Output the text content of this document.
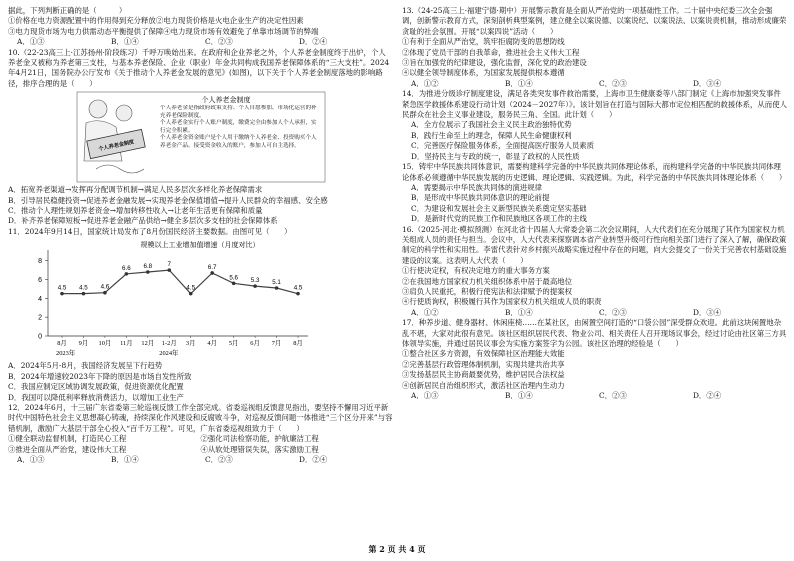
据此，下列判断正确的是（　　　）

①价格在电力资源配置中的作用得到充分释放②电力现货价格是火电企业生产的决定性因素

③电力现货市场为电力供需动态平衡提供了保障④电力现货市场有效避免了单靠市场调节的弊端

A．①③	B．①④	C．②③	D．②④

10.（22-23高三上·江苏扬州·阶段练习）千呼万唤始出来。在政府和企业养老之外，个人养老金制度终于出炉，个人养老金又被称为养老第三支柱，与基本养老保险、企业（职业）年金共同构成我国养老保障体系的“三大支柱”。2024年4月21日，国务院办公厅发布《关于推动个人养老金发展的意见》(如图)，以下关于个人养老金制度落地的影响路径，排序合理的是（　　）

个人养老金制度
个人养老金制度
个人养老金是指政府政策支持、个人自愿参加、市场化运营的补充养老保险制度。
个人养老金实行个人账户制度，缴费完全由参加人个人承担，实行完全积累。
个人养老金资金账户是个人用于缴纳个人养老金、投资购买个人养老金产品、接受资金收入的账户，参加人可自主选择。

A．拓宽养老渠道→发挥再分配调节机制→满足人民多层次多样化养老保障需求

B．引导居民稳健投资→促进养老金融发展→实现养老金保值增值→提升人民群众的幸福感、安全感

C．推动个人理性规划养老资金→增加转移性收入→让老年生活更有保障和质量

D．补齐养老保障短板→促进养老金融产品供给→健全多层次多支柱的社会保障体系

11．2024年9月14日，国家统计局发布了8月份国民经济主要数据。由图可见（　　）

规模以上工业增加值增速（月度对比）
0
2
4
6
8
4.5
8月
4.5
9月
4.6
10月
6.6
11月
6.8
12月
7
1-2月
4.5
3月
6.7
4月
5.6
5月
5.3
6月
5.1
7月
4.5
8月
2023年	2024年

A．2024年5月-8月，我国经济发展呈下行趋势

B．2024年增速较2023年下降的原因是市场自发性所致

C．我国应制定区域协调发展政策，促进资源优化配置

D．我国可以降低利率释放消费活力，以增加工业生产

12．2024年6月，十三届广东省委第三轮巡视反馈工作全部完成。省委巡视组反馈意见指出，要坚持不懈用习近平新时代中国特色社会主义思想凝心铸魂，持续深化作风建设和反腐败斗争，对巡视反馈问题一体推进“三个区分开来”与容错机制，激励广大基层干部全心投入“百千万工程”。可见，广东省委巡视组致力于（　　）

①健全联动监督机制，打造民心工程	②强化司法检察功能，护航廉洁工程
③推进全面从严治党，建设伟大工程	④从软处理错误失误，落实激励工程
A．①③	B．①④	C．②③	D．②④

13.（24-25高三上·福建宁德·期中）开展警示教育是全面从严治党的一项基础性工作。二十届中央纪委三次全会强调，创新警示教育方式，深刻剖析典型案例，建立健全以案说德、以案说纪、以案说法、以案说责机制，推动形成廉荣贪耻的社会氛围。开展“以案四说”活动（　　）

①有利于全面从严治党，筑牢拒腐防变的思想防线

②体现了党员干部的自我革命，推进社会主义伟大工程

③旨在加强党的纪律建设，强化监督，深化党的政治建设

④以健全领导制度体系，为国家发展提供根本遵循

A．①②	B．①④	C．②③	D．③④

14．为推进分级诊疗制度建设，满足各类突发事件救治需要，上海市卫生健康委等八部门制定《上海市加强突发事件紧急医学救援体系建设行动计划（2024－2027年）》。该计划旨在打造与国际大都市定位相匹配的救援体系，从而使人民群众在社会主义事业建设，服务民三角、全国。此计划（　　）

A．全方位展示了我国社会主义民主政治独特优势

B．践行生命至上的理念，保障人民生命健康权利

C．完善医疗保险服务体系，全面提高医疗服务人员素质

D．坚持民主与专政的统一，彰显了政权的人民性质

15．铸牢中华民族共同体意识，需要构建科学完备的中华民族共同体理论体系，而构建科学完备的中华民族共同体理论体系必须遵循中华民族发展的历史逻辑、理论逻辑、实践逻辑。为此，科学完备的中华民族共同体理论体系（　　）

A．需要揭示中华民族共同体的演进规律

B．是形成中华民族共同体意识的理论前提

C．为建设和发展社会主义新型民族关系奠定坚实基础

D．是新时代党的民族工作和民族地区各项工作的主线

16.（2025·河北·模拟预测）在河北省十四届人大常委会第二次会议期间，人大代表们在充分展现了其作为国家权力机关组成人员的责任与担当。会议中，人大代表来探察调本省产业转型升级可行性向相关部门进行了深入了解，确保政策制定的科学性和实用性。李雷代表针对乡村振兴战略实施过程中存在的问题，向大会提交了一份关于完善农村基础设施建设的议案。这表明人大代表（　　）

①行使决定权，有权决定地方的重大事务方案

②在我国地方国家权力机关组织体系中居于最高地位

③肩负人民重托，积极行使宪法和法律赋予的提案权

④行使质询权，积极履行其作为国家权力机关组成人员的职责

A．①②	B．①④	C．②③	D．③④

17．种养步道、健身器材、休闲座椅……在某社区，由闲置空间打造的“口袋公园”深受群众欢迎。此前这块闲置地杂乱不堪，大家对此很有意见。该社区组织居民代表、物业公司、相关责任人召开现场议事会，经过讨论由社区第三方具体领导实施，并通过居民议事会为实施方案签字为公园。该社区治理的经验是（　　）

①整合社区多方资源，有效保障社区治理能大效能

②完善基层行政管理体制机制，实现共建共治共享

③发扬基层民主协商最要优势，维护居民合法权益

④创新居民自治组织形式，激活社区治理内生动力

A．①③	B．①④	C．②③	D．②④
第 2 页 共 4 页
